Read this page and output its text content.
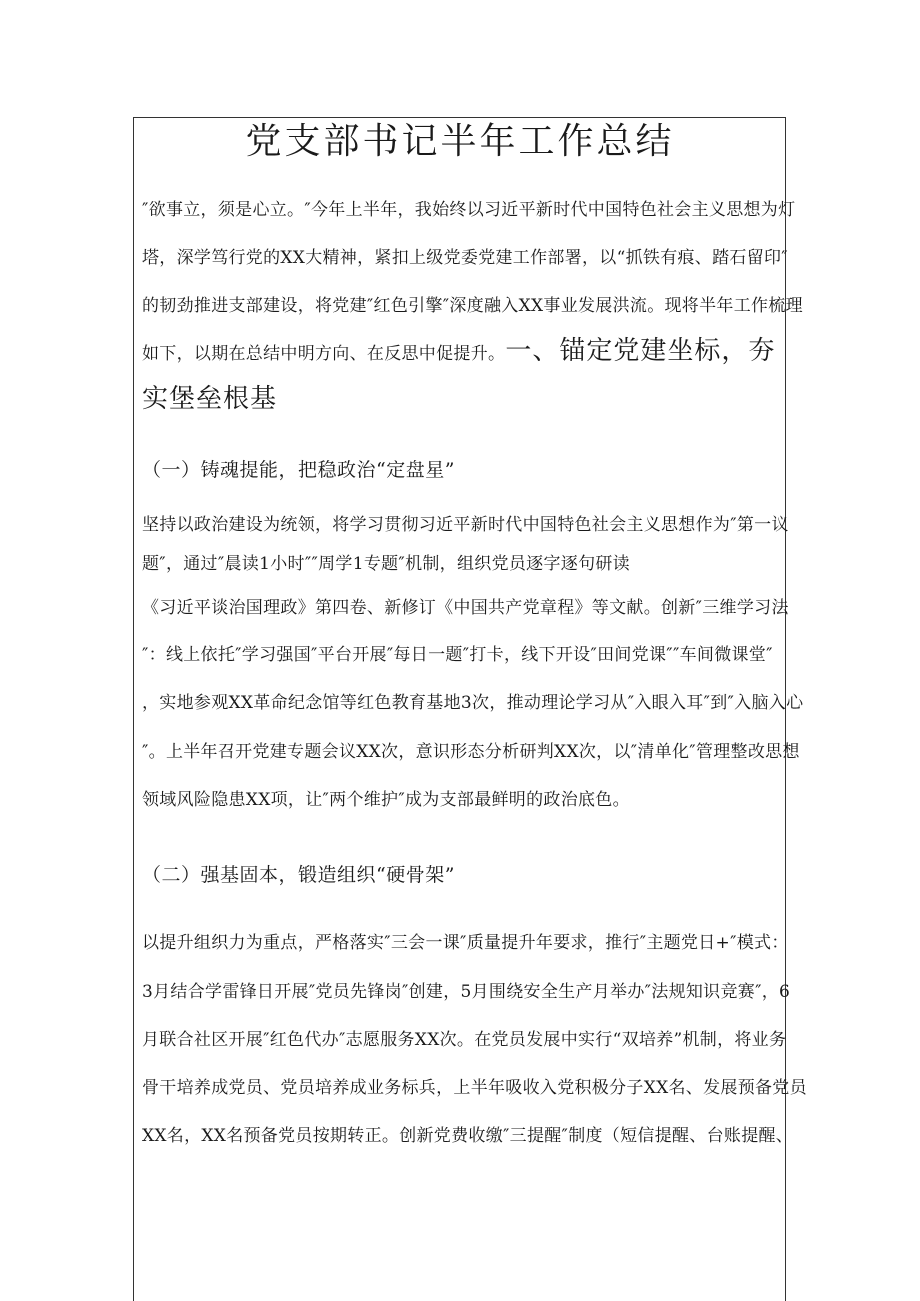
党支部书记半年工作总结
″欲事立，须是心立。″今年上半年，我始终以习近平新时代中国特色社会主义思想为灯
塔，深学笃行党的XX大精神，紧扣上级党委党建工作部署，以“抓铁有痕、踏石留印″
的韧劲推进支部建设，将党建″红色引擎″深度融入XX事业发展洪流。现将半年工作梳理
如下，以期在总结中明方向、在反思中促提升。一、锚定党建坐标，夯
实堡垒根基
（一）铸魂提能，把稳政治“定盘星”
坚持以政治建设为统领，将学习贯彻习近平新时代中国特色社会主义思想作为″第一议
题″，通过″晨读1小时″″周学1专题″机制，组织党员逐字逐句研读
《习近平谈治国理政》第四卷、新修订《中国共产党章程》等文献。创新″三维学习法
″：线上依托″学习强国″平台开展″每日一题″打卡，线下开设″田间党课″″车间微课堂″
，实地参观XX革命纪念馆等红色教育基地3次，推动理论学习从″入眼入耳″到″入脑入心
″。上半年召开党建专题会议XX次，意识形态分析研判XX次，以″清单化″管理整改思想
领域风险隐患XX项，让″两个维护″成为支部最鲜明的政治底色。
（二）强基固本，锻造组织“硬骨架”
以提升组织力为重点，严格落实″三会一课″质量提升年要求，推行″主题党日+″模式：
3月结合学雷锋日开展″党员先锋岗″创建，5月围绕安全生产月举办″法规知识竞赛″，6
月联合社区开展″红色代办″志愿服务XX次。在党员发展中实行“双培养”机制，将业务
骨干培养成党员、党员培养成业务标兵，上半年吸收入党积极分子XX名、发展预备党员
XX名，XX名预备党员按期转正。创新党费收缴″三提醒″制度（短信提醒、台账提醒、
